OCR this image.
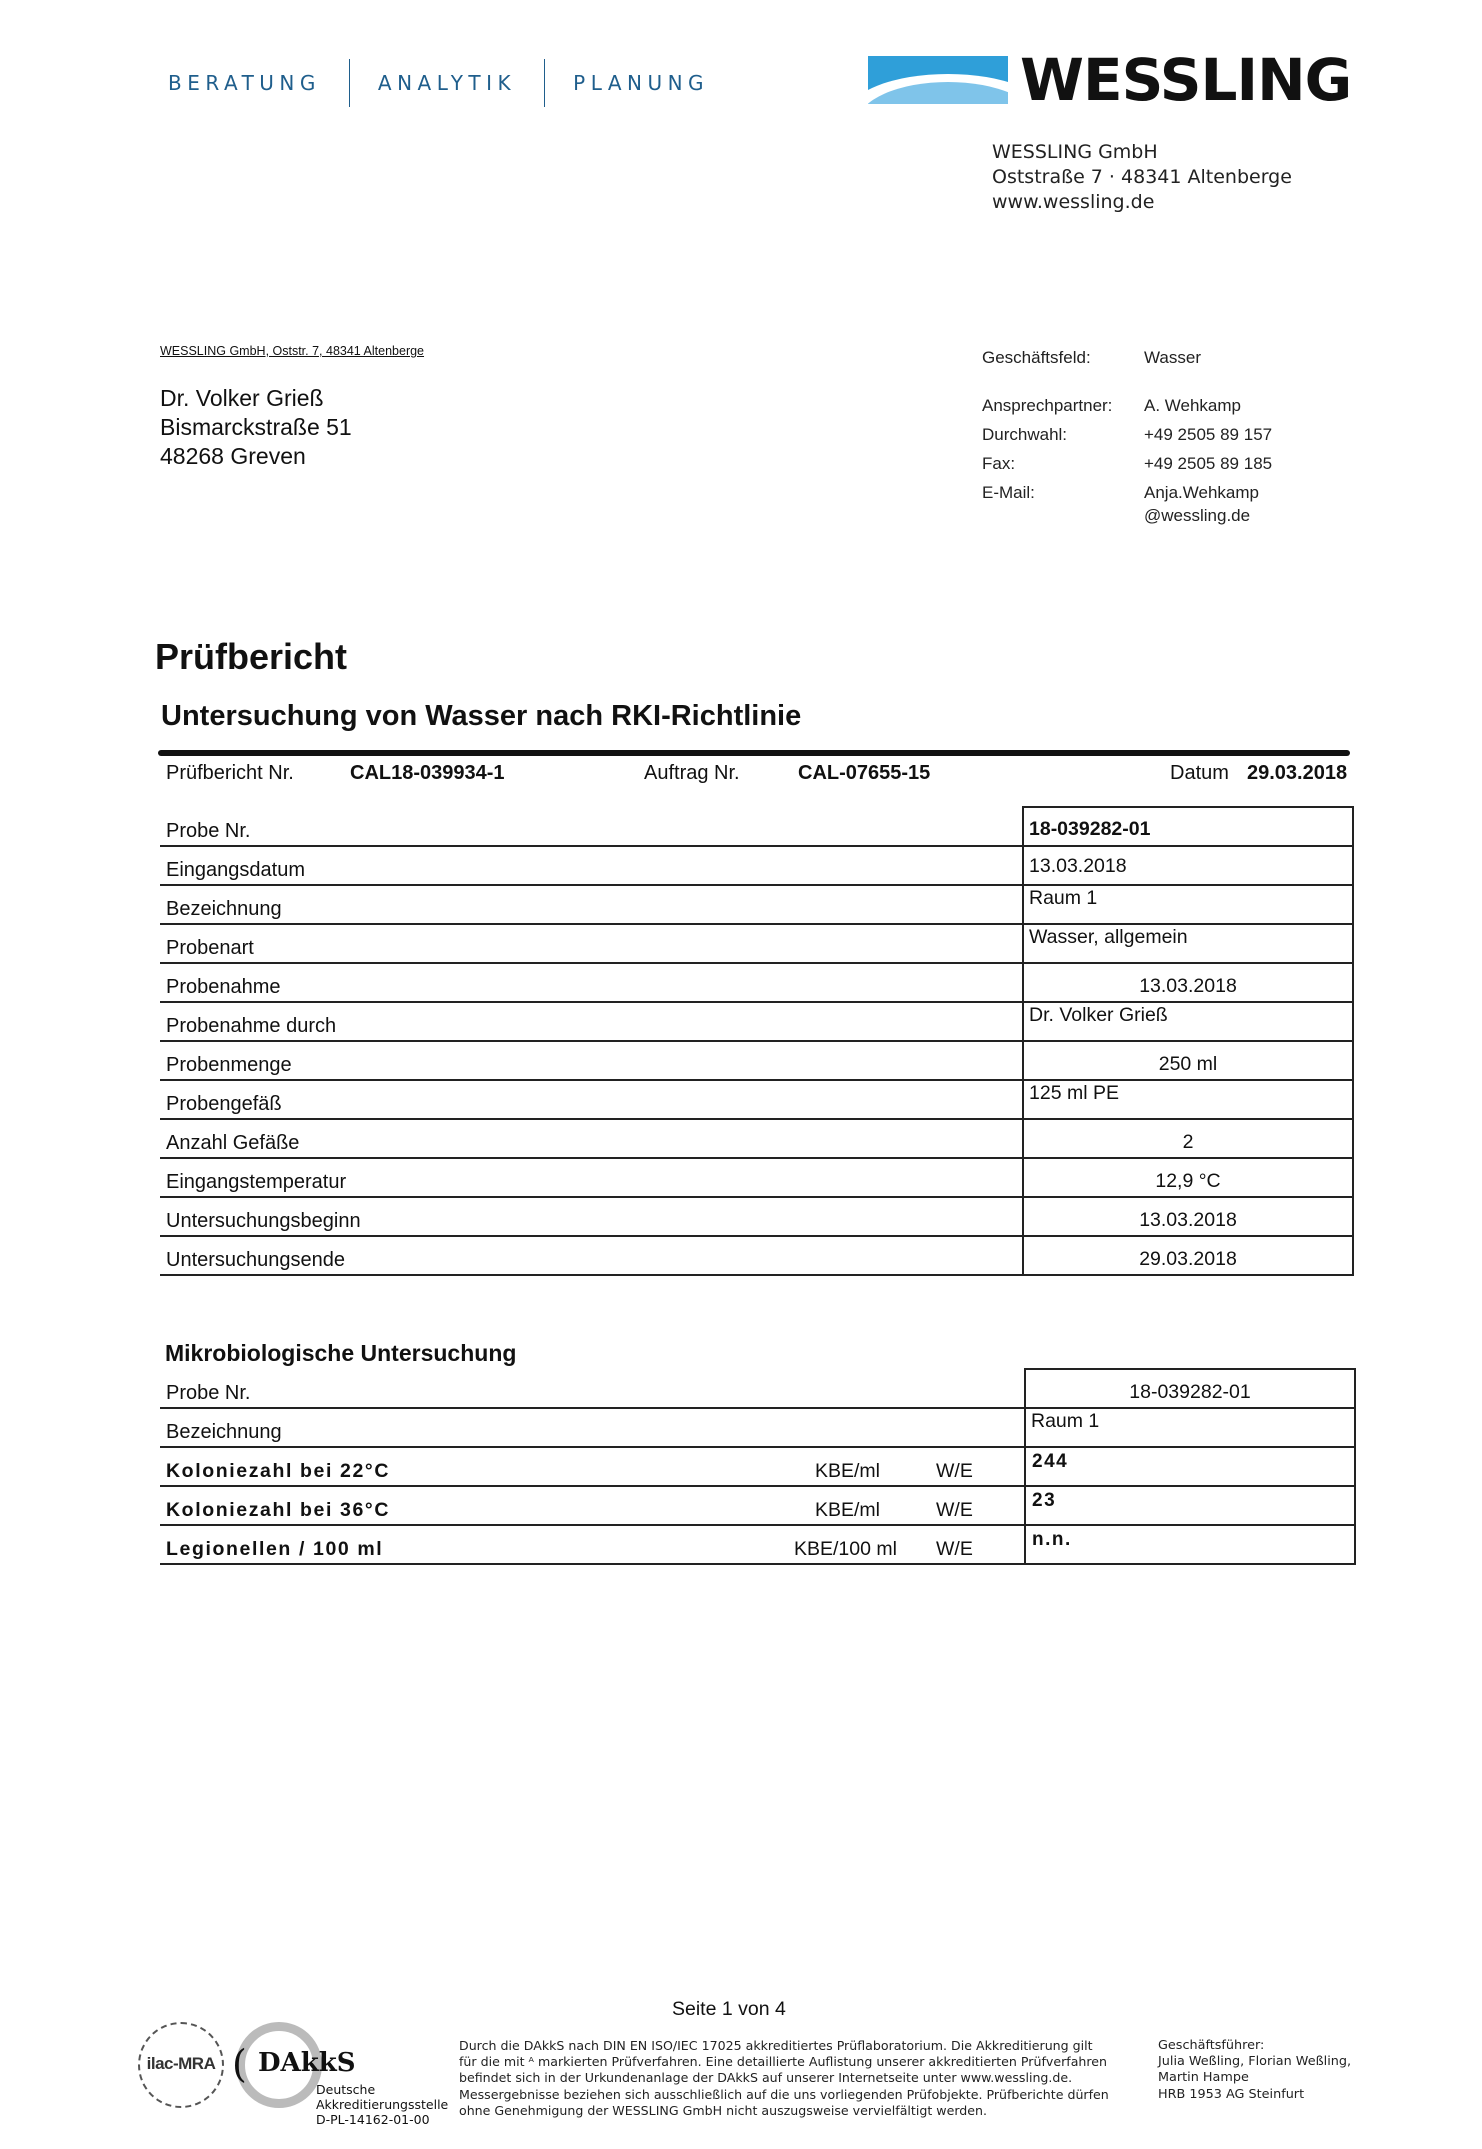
BERATUNG	ANALYTIK	PLANUNG	WESSLING
WESSLING GmbH
Oststraße 7 · 48341 Altenberge
www.wessling.de
WESSLING GmbH, Oststr. 7, 48341 Altenberge
Dr. Volker Grieß
Bismarckstraße 51
48268 Greven
Geschäftsfeld:	Wasser
Ansprechpartner: A. Wehkamp
Durchwahl:	+49 2505 89 157
Fax:	+49 2505 89 185
E-Mail:	Anja.Wehkamp
@wessling.de
Prüfbericht
Untersuchung von Wasser nach RKI-Richtlinie
Prüfbericht Nr.	CAL18-039934-1	Auftrag Nr.	CAL-07655-15	Datum 29.03.2018
Probe Nr.	18-039282-01
Eingangsdatum	13.03.2018
Bezeichnung	Raum 1
Probenart	Wasser, allgemein
Probenahme	13.03.2018
Probenahme durch	Dr. Volker Grieß
Probenmenge	250 ml
Probengefäß	125 ml PE
Anzahl Gefäße	2
Eingangstemperatur	12,9 °C
Untersuchungsbeginn	13.03.2018
Untersuchungsende	29.03.2018
Mikrobiologische Untersuchung
Probe Nr.	18-039282-01
Bezeichnung	Raum 1
Koloniezahl bei 22°C	KBE/ml	W/E	244
Koloniezahl bei 36°C	KBE/ml	W/E	23
Legionellen / 100 ml	KBE/100 ml W/E	n.n.
Seite 1 von 4
ilac-MRA ( DAkkS
Deutsche
Akkreditierungsstelle
D-PL-14162-01-00
Durch die DAkkS nach DIN EN ISO/IEC 17025 akkreditiertes Prüflaboratorium. Die Akkreditierung gilt
für die mit ᴬ markierten Prüfverfahren. Eine detaillierte Auflistung unserer akkreditierten Prüfverfahren
befindet sich in der Urkundenanlage der DAkkS auf unserer Internetseite unter www.wessling.de.
Messergebnisse beziehen sich ausschließlich auf die uns vorliegenden Prüfobjekte. Prüfberichte dürfen
ohne Genehmigung der WESSLING GmbH nicht auszugsweise vervielfältigt werden.
Geschäftsführer:
Julia Weßling, Florian Weßling,
Martin Hampe
HRB 1953 AG Steinfurt
